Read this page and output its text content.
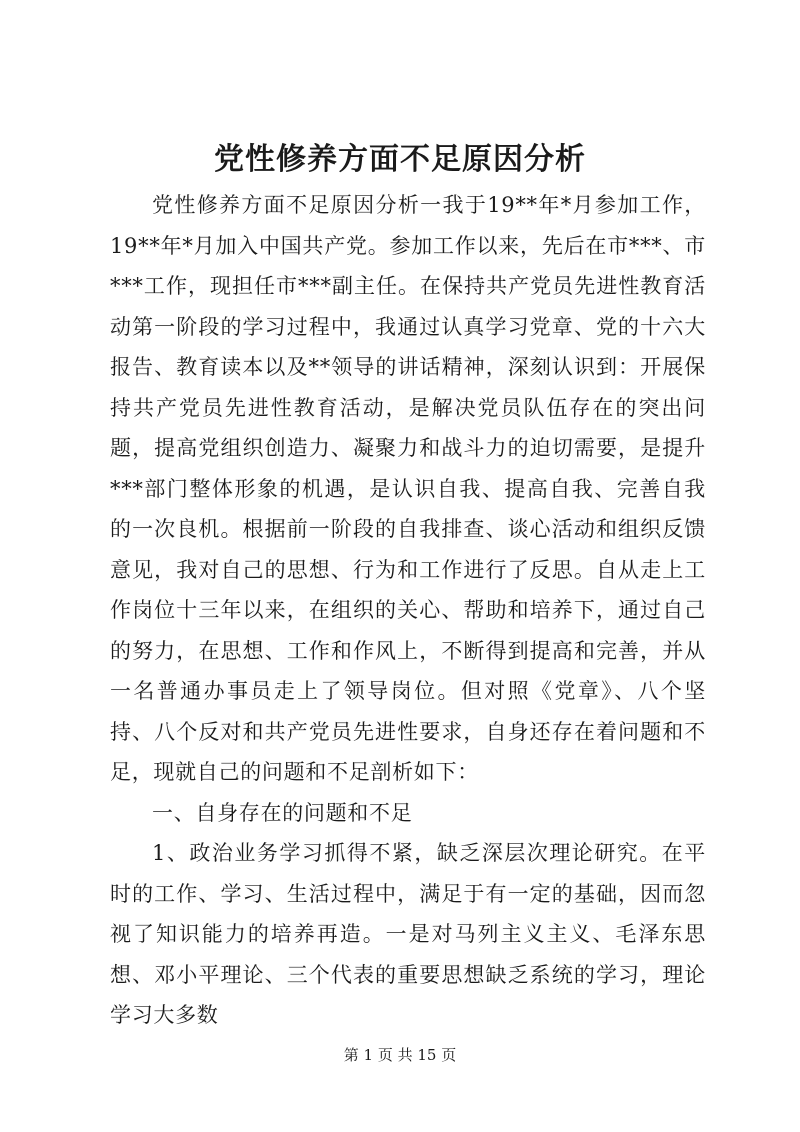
党性修养方面不足原因分析

党性修养方面不足原因分析一我于19**年*月参加工作，19**年*月加入中国共产党。参加工作以来，先后在市***、市***工作，现担任市***副主任。在保持共产党员先进性教育活动第一阶段的学习过程中，我通过认真学习党章、党的十六大报告、教育读本以及**领导的讲话精神，深刻认识到：开展保持共产党员先进性教育活动，是解决党员队伍存在的突出问题，提高党组织创造力、凝聚力和战斗力的迫切需要，是提升***部门整体形象的机遇，是认识自我、提高自我、完善自我的一次良机。根据前一阶段的自我排查、谈心活动和组织反馈意见，我对自己的思想、行为和工作进行了反思。自从走上工作岗位十三年以来，在组织的关心、帮助和培养下，通过自己的努力，在思想、工作和作风上，不断得到提高和完善，并从一名普通办事员走上了领导岗位。但对照《党章》、八个坚持、八个反对和共产党员先进性要求，自身还存在着问题和不足，现就自己的问题和不足剖析如下：

一、自身存在的问题和不足

1、政治业务学习抓得不紧，缺乏深层次理论研究。在平时的工作、学习、生活过程中，满足于有一定的基础，因而忽视了知识能力的培养再造。一是对马列主义主义、毛泽东思想、邓小平理论、三个代表的重要思想缺乏系统的学习，理论学习大多数

第 1 页 共 15 页
